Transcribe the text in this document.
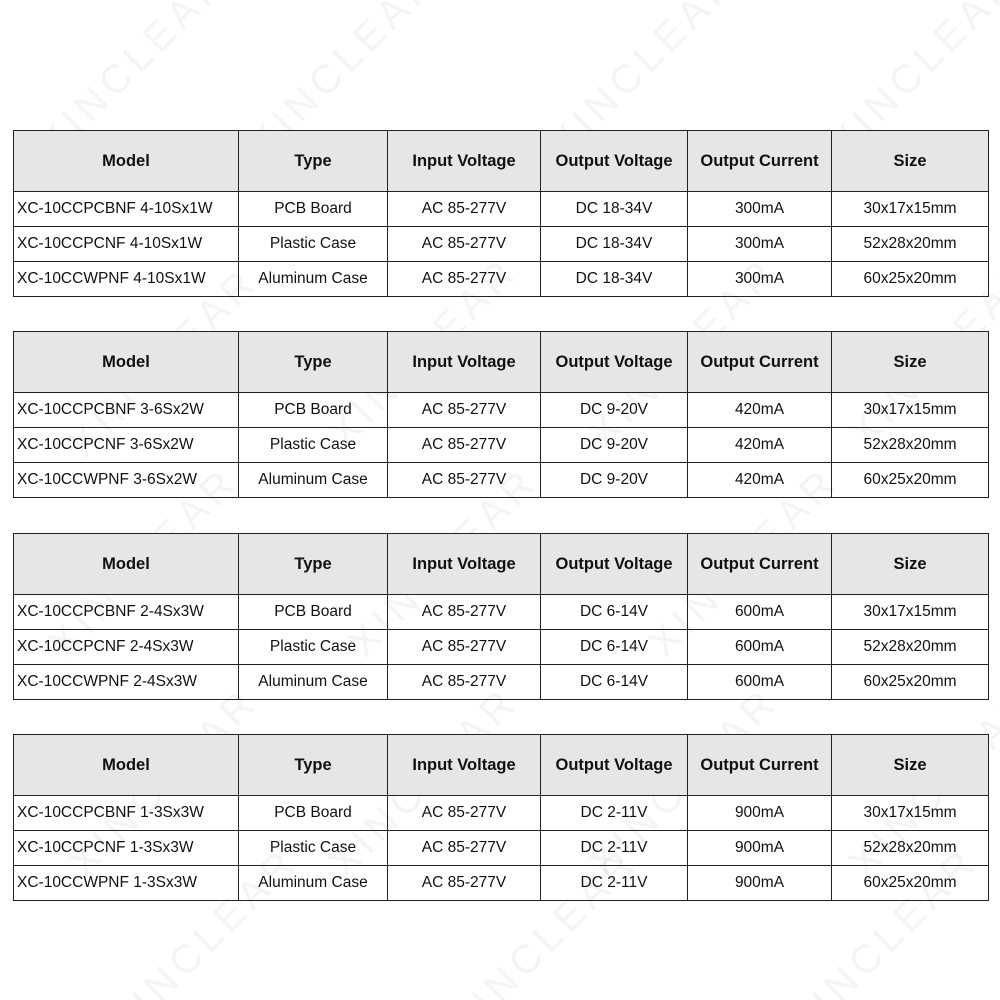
Model	Type	Input Voltage	Output Voltage	Output Current	Size
XC-10CCPCBNF 4-10Sx1W	PCB Board	AC 85-277V	DC 18-34V	300mA	30x17x15mm
XC-10CCPCNF 4-10Sx1W	Plastic Case	AC 85-277V	DC 18-34V	300mA	52x28x20mm
XC-10CCWPNF 4-10Sx1W	Aluminum Case	AC 85-277V	DC 18-34V	300mA	60x25x20mm
Model	Type	Input Voltage	Output Voltage	Output Current	Size
XC-10CCPCBNF 3-6Sx2W	PCB Board	AC 85-277V	DC 9-20V	420mA	30x17x15mm
XC-10CCPCNF 3-6Sx2W	Plastic Case	AC 85-277V	DC 9-20V	420mA	52x28x20mm
XC-10CCWPNF 3-6Sx2W	Aluminum Case	AC 85-277V	DC 9-20V	420mA	60x25x20mm
Model	Type	Input Voltage	Output Voltage	Output Current	Size
XC-10CCPCBNF 2-4Sx3W	PCB Board	AC 85-277V	DC 6-14V	600mA	30x17x15mm
XC-10CCPCNF 2-4Sx3W	Plastic Case	AC 85-277V	DC 6-14V	600mA	52x28x20mm
XC-10CCWPNF 2-4Sx3W	Aluminum Case	AC 85-277V	DC 6-14V	600mA	60x25x20mm
Model	Type	Input Voltage	Output Voltage	Output Current	Size
XC-10CCPCBNF 1-3Sx3W	PCB Board	AC 85-277V	DC 2-11V	900mA	30x17x15mm
XC-10CCPCNF 1-3Sx3W	Plastic Case	AC 85-277V	DC 2-11V	900mA	52x28x20mm
XC-10CCWPNF 1-3Sx3W	Aluminum Case	AC 85-277V	DC 2-11V	900mA	60x25x20mm
